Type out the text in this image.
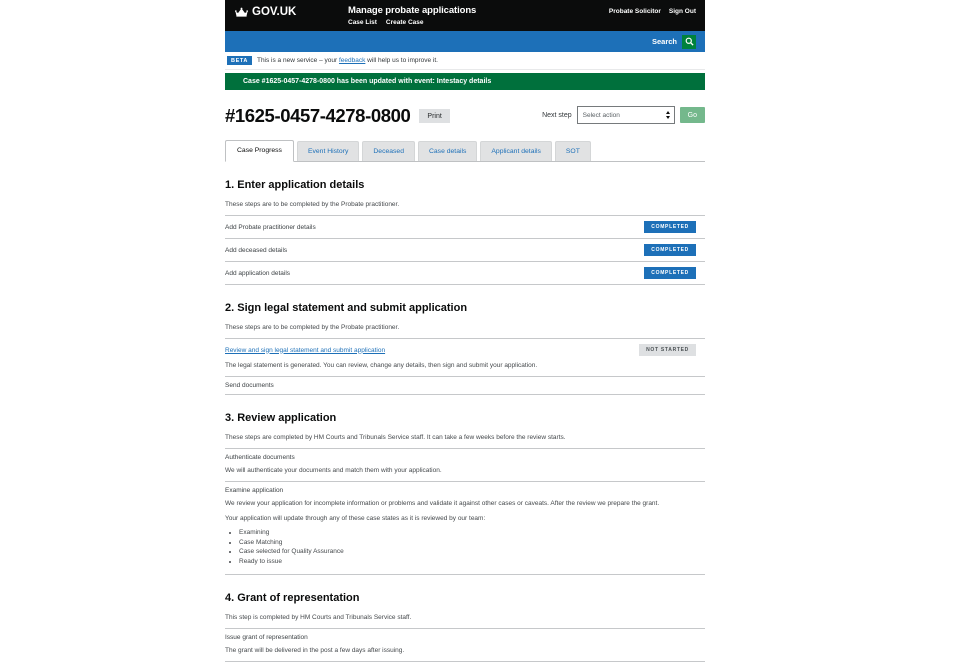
GOV.UK	Manage probate applications
Case List Create Case
Probate Solicitor Sign Out
Search
BETA	This is a new service – your feedback will help us to improve it.
Case #1625-0457-4278-0800 has been updated with event: Intestacy details
#1625-0457-4278-0800	Print	Next step Select action	Go
Case Progress	Event History	Deceased	Case details	Applicant details	SOT
1. Enter application details

These steps are to be completed by the Probate practitioner.

Add Probate practitioner details	COMPLETED
Add deceased details	COMPLETED
Add application details	COMPLETED
2. Sign legal statement and submit application

These steps are to be completed by the Probate practitioner.

Review and sign legal statement and submit application	NOT STARTED

The legal statement is generated. You can review, change any details, then sign and submit your application.

Send documents
3. Review application

These steps are completed by HM Courts and Tribunals Service staff. It can take a few weeks before the review starts.

Authenticate documents

We will authenticate your documents and match them with your application.

Examine application

We review your application for incomplete information or problems and validate it against other cases or caveats. After the review we prepare the grant.

Your application will update through any of these case states as it is reviewed by our team:

• Examining
• Case Matching
• Case selected for Quality Assurance
• Ready to issue
4. Grant of representation

This step is completed by HM Courts and Tribunals Service staff.

Issue grant of representation

The grant will be delivered in the post a few days after issuing.
